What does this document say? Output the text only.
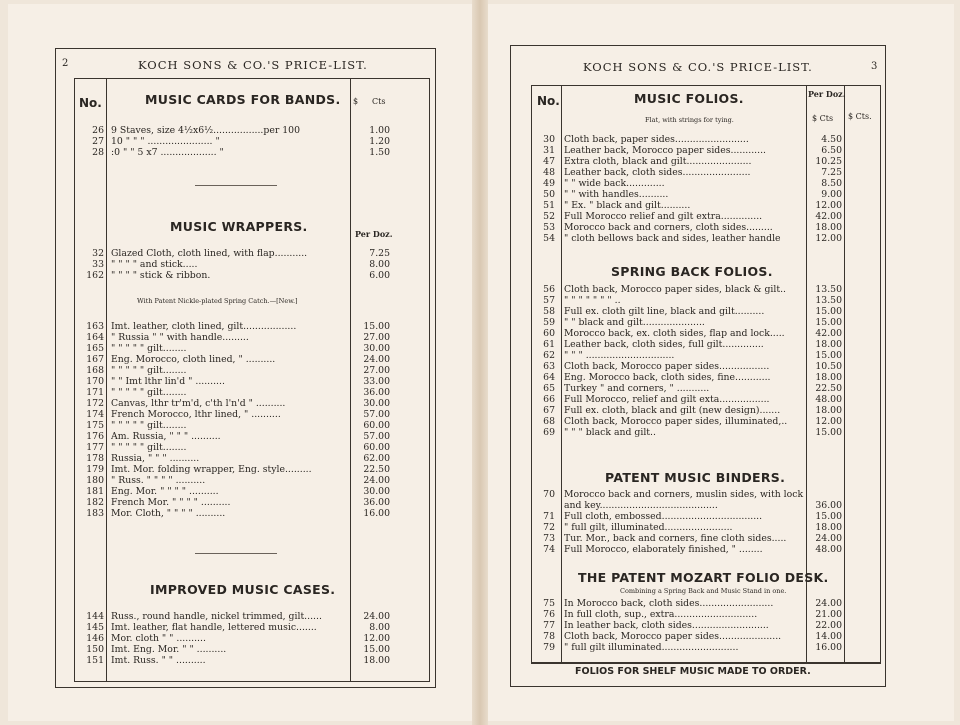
2	KOCH SONS & CO.'S PRICE-LIST.
No.	$ Cts
MUSIC CARDS FOR BANDS.
26 9 Staves, size 4½x6½.................per 100	1.00
27 10 " " " ...................... "	1.20
28 :0 " " 5 x7 ................... "	1.50
MUSIC WRAPPERS.	Per Doz.
32 Glazed Cloth, cloth lined, with flap...........	7.25
33 " " " " and stick.....	8.00
162 " " " " stick & ribbon.	6.00
With Patent Nickle-plated Spring Catch.—[New.]
163 Imt. leather, cloth lined, gilt..................	15.00
164 " Russia " " with handle.........	27.00
165 " " " " " gilt........	30.00
167 Eng. Morocco, cloth lined, " ..........	24.00
168 " " " " " gilt........	27.00
170 " " Imt lthr lin'd " ..........	33.00
171 " " " " " gilt........	36.00
172 Canvas, lthr tr'm'd, c'th l'n'd " ..........	30.00
174 French Morocco, lthr lined, " ..........	57.00
175 " " " " " gilt........	60.00
176 Am. Russia, " " " ..........	57.00
177 " " " " " gilt........	60.00
178 Russia, " " " ..........	62.00
179 Imt. Mor. folding wrapper, Eng. style.........	22.50
180 " Russ. " " " " ..........	24.00
181 Eng. Mor. " " " " ..........	30.00
182 French Mor. " " " " ..........	36.00
183 Mor. Cloth, " " " " ..........	16.00
IMPROVED MUSIC CASES.
144 Russ., round handle, nickel trimmed, gilt......	24.00
145 Imt. leather, flat handle, lettered music.......	8.00
146 Mor. cloth " " ..........	12.00
150 Imt. Eng. Mor. " " ..........	15.00
151 Imt. Russ. " " ..........	18.00
KOCH SONS & CO.'S PRICE-LIST.	3
No.	Per Doz.
$ Cts $ Cts.
MUSIC FOLIOS.
Flat, with strings for tying.
30 Cloth back, paper sides.........................	4.50
31 Leather back, Morocco paper sides............	6.50
47 Extra cloth, black and gilt......................	10.25
48 Leather back, cloth sides.......................	7.25
49 " " wide back.............	8.50
50 " " with handles..........	9.00
51 " Ex. " black and gilt..........	12.00
52 Full Morocco relief and gilt extra..............	42.00
53 Morocco back and corners, cloth sides.........	18.00
54 " cloth bellows back and sides, leather handle	12.00
SPRING BACK FOLIOS.
56 Cloth back, Morocco paper sides, black & gilt..	13.50
57 " " " " " " " ..	13.50
58 Full ex. cloth gilt line, black and gilt..........	15.00
59 " " black and gilt.....................	15.00
60 Morocco back, ex. cloth sides, flap and lock.....	42.00
61 Leather back, cloth sides, full gilt..............	18.00
62 " " " ..............................	15.00
63 Cloth back, Morocco paper sides.................	10.50
64 Eng. Morocco back, cloth sides, fine............	18.00
65 Turkey " and corners, " ...........	22.50
66 Full Morocco, relief and gilt exta.................	48.00
67 Full ex. cloth, black and gilt (new design).......	18.00
68 Cloth back, Morocco paper sides, illuminated,..	12.00
69 " " " black and gilt..	15.00
PATENT MUSIC BINDERS.
70 Morocco back and corners, muslin sides, with lock
and key........................................	36.00
71 Full cloth, embossed..................................	15.00
72 " full gilt, illuminated.......................	18.00
73 Tur. Mor., back and corners, fine cloth sides.....	24.00
74 Full Morocco, elaborately finished, " ........	48.00
THE PATENT MOZART FOLIO DESK.
Combining a Spring Back and Music Stand in one.
75 In Morocco back, cloth sides.........................	24.00
76 In full cloth, sup., extra............................	21.00
77 In leather back, cloth sides..........................	22.00
78 Cloth back, Morocco paper sides.....................	14.00
79 " full gilt illuminated..........................	16.00
FOLIOS FOR SHELF MUSIC MADE TO ORDER.
